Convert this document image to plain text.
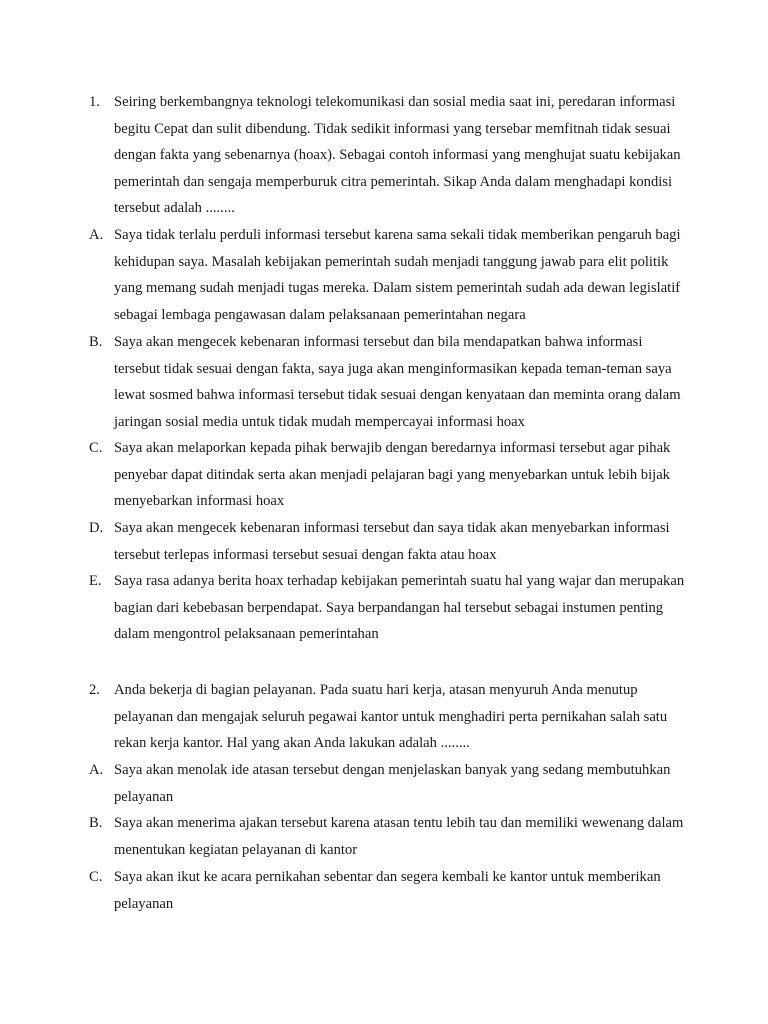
1. Seiring berkembangnya teknologi telekomunikasi dan sosial media saat ini, peredaran informasi begitu Cepat dan sulit dibendung. Tidak sedikit informasi yang tersebar memfitnah tidak sesuai dengan fakta yang sebenarnya (hoax). Sebagai contoh informasi yang menghujat suatu kebijakan pemerintah dan sengaja memperburuk citra pemerintah. Sikap Anda dalam menghadapi kondisi tersebut adalah ........
A. Saya tidak terlalu perduli informasi tersebut karena sama sekali tidak memberikan pengaruh bagi kehidupan saya. Masalah kebijakan pemerintah sudah menjadi tanggung jawab para elit politik yang memang sudah menjadi tugas mereka. Dalam sistem pemerintah sudah ada dewan legislatif sebagai lembaga pengawasan dalam pelaksanaan pemerintahan negara
B. Saya akan mengecek kebenaran informasi tersebut dan bila mendapatkan bahwa informasi tersebut tidak sesuai dengan fakta, saya juga akan menginformasikan kepada teman-teman saya lewat sosmed bahwa informasi tersebut tidak sesuai dengan kenyataan dan meminta orang dalam jaringan sosial media untuk tidak mudah mempercayai informasi hoax
C. Saya akan melaporkan kepada pihak berwajib dengan beredarnya informasi tersebut agar pihak penyebar dapat ditindak serta akan menjadi pelajaran bagi yang menyebarkan untuk lebih bijak menyebarkan informasi hoax
D. Saya akan mengecek kebenaran informasi tersebut dan saya tidak akan menyebarkan informasi tersebut terlepas informasi tersebut sesuai dengan fakta atau hoax
E. Saya rasa adanya berita hoax terhadap kebijakan pemerintah suatu hal yang wajar dan merupakan bagian dari kebebasan berpendapat. Saya berpandangan hal tersebut sebagai instumen penting dalam mengontrol pelaksanaan pemerintahan
2. Anda bekerja di bagian pelayanan. Pada suatu hari kerja, atasan menyuruh Anda menutup pelayanan dan mengajak seluruh pegawai kantor untuk menghadiri perta pernikahan salah satu rekan kerja kantor. Hal yang akan Anda lakukan adalah ........
A. Saya akan menolak ide atasan tersebut dengan menjelaskan banyak yang sedang membutuhkan pelayanan
B. Saya akan menerima ajakan tersebut karena atasan tentu lebih tau dan memiliki wewenang dalam menentukan kegiatan pelayanan di kantor
C. Saya akan ikut ke acara pernikahan sebentar dan segera kembali ke kantor untuk memberikan pelayanan
